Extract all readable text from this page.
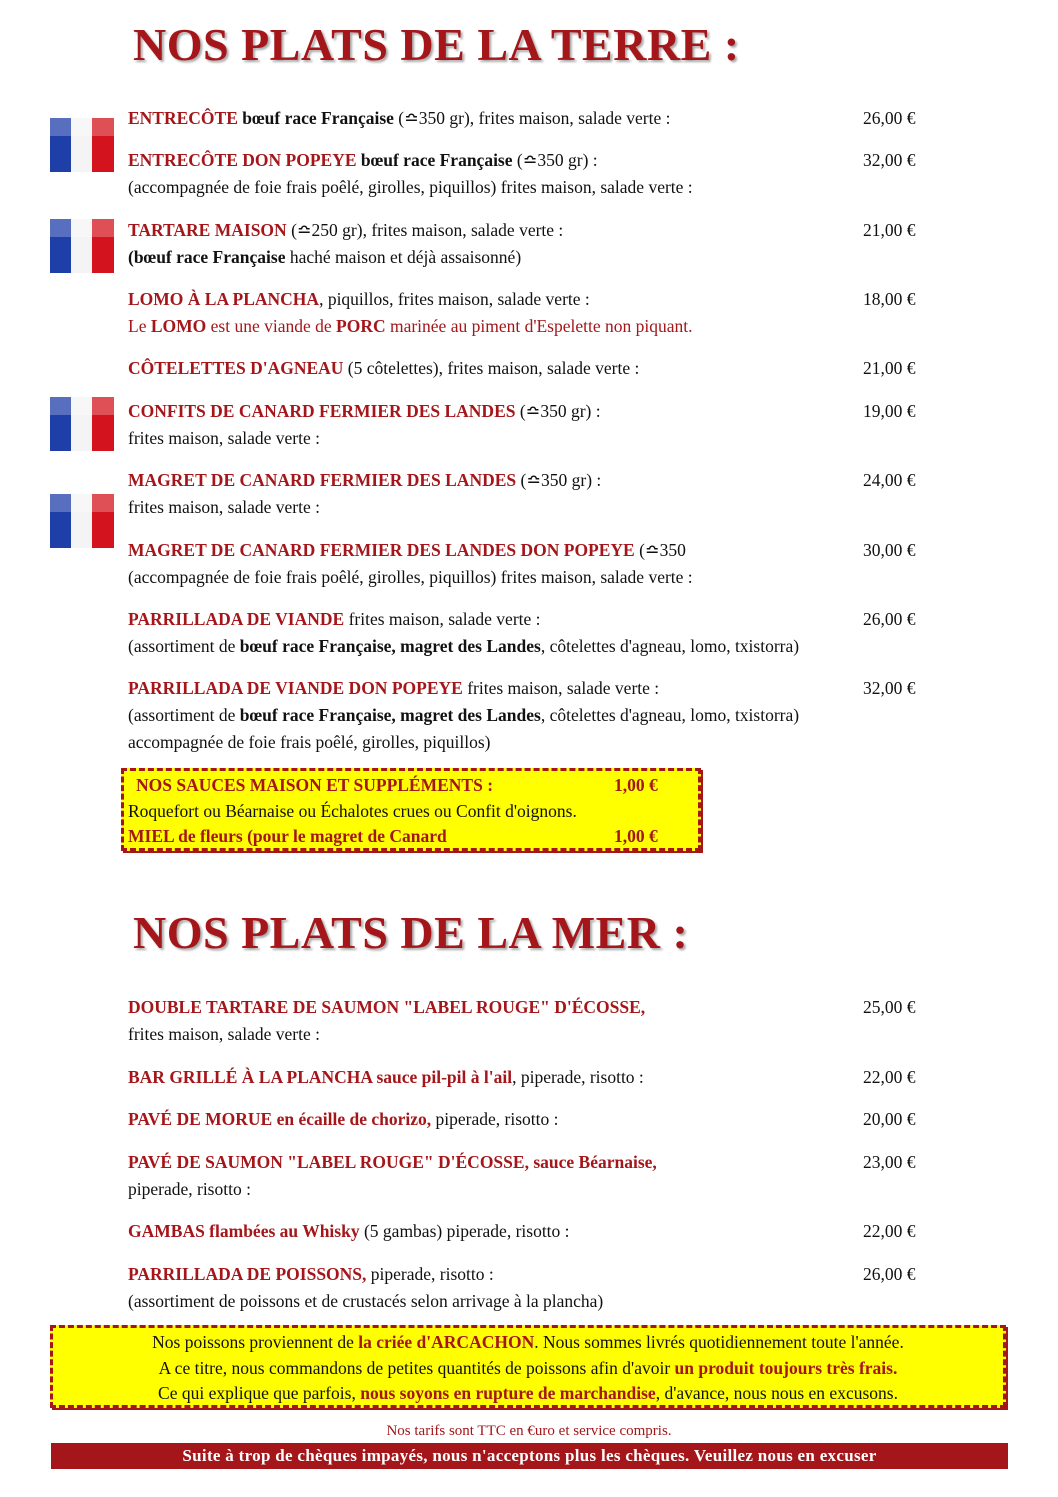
NOS PLATS DE LA TERRE :
ENTRECÔTE bœuf race Française (≏350 gr), frites maison, salade verte :	26,00 €
ENTRECÔTE DON POPEYE bœuf race Française (≏350 gr) :	32,00 €
(accompagnée de foie frais poêlé, girolles, piquillos) frites maison, salade verte :
TARTARE MAISON (≏250 gr), frites maison, salade verte :	21,00 €
(bœuf race Française haché maison et déjà assaisonné)
LOMO À LA PLANCHA, piquillos, frites maison, salade verte :	18,00 €
Le LOMO est une viande de PORC marinée au piment d'Espelette non piquant.
CÔTELETTES D'AGNEAU (5 côtelettes), frites maison, salade verte :	21,00 €
CONFITS DE CANARD FERMIER DES LANDES (≏350 gr) :	19,00 €
frites maison, salade verte :
MAGRET DE CANARD FERMIER DES LANDES (≏350 gr) :	24,00 €
frites maison, salade verte :
MAGRET DE CANARD FERMIER DES LANDES DON POPEYE (≏350	30,00 €
(accompagnée de foie frais poêlé, girolles, piquillos) frites maison, salade verte :
PARRILLADA DE VIANDE frites maison, salade verte :	26,00 €
(assortiment de bœuf race Française, magret des Landes, côtelettes d'agneau, lomo, txistorra)
PARRILLADA DE VIANDE DON POPEYE frites maison, salade verte :	32,00 €
(assortiment de bœuf race Française, magret des Landes, côtelettes d'agneau, lomo, txistorra)
accompagnée de foie frais poêlé, girolles, piquillos)
NOS SAUCES MAISON ET SUPPLÉMENTS :	1,00 €
Roquefort ou Béarnaise ou Échalotes crues ou Confit d'oignons.
MIEL de fleurs (pour le magret de Canard	1,00 €
NOS PLATS DE LA MER :
DOUBLE TARTARE DE SAUMON "LABEL ROUGE" D'ÉCOSSE,	25,00 €
frites maison, salade verte :
BAR GRILLÉ À LA PLANCHA sauce pil-pil à l'ail, piperade, risotto :	22,00 €
PAVÉ DE MORUE en écaille de chorizo, piperade, risotto :	20,00 €
PAVÉ DE SAUMON "LABEL ROUGE" D'ÉCOSSE, sauce Béarnaise,	23,00 €
piperade, risotto :
GAMBAS flambées au Whisky (5 gambas) piperade, risotto :	22,00 €
PARRILLADA DE POISSONS, piperade, risotto :	26,00 €
(assortiment de poissons et de crustacés selon arrivage à la plancha)
Nos poissons proviennent de la criée d'ARCACHON. Nous sommes livrés quotidiennement toute l'année.
A ce titre, nous commandons de petites quantités de poissons afin d'avoir un produit toujours très frais.
Ce qui explique que parfois, nous soyons en rupture de marchandise, d'avance, nous nous en excusons.
Nos tarifs sont TTC en €uro et service compris.
Suite à trop de chèques impayés, nous n'acceptons plus les chèques. Veuillez nous en excuser
